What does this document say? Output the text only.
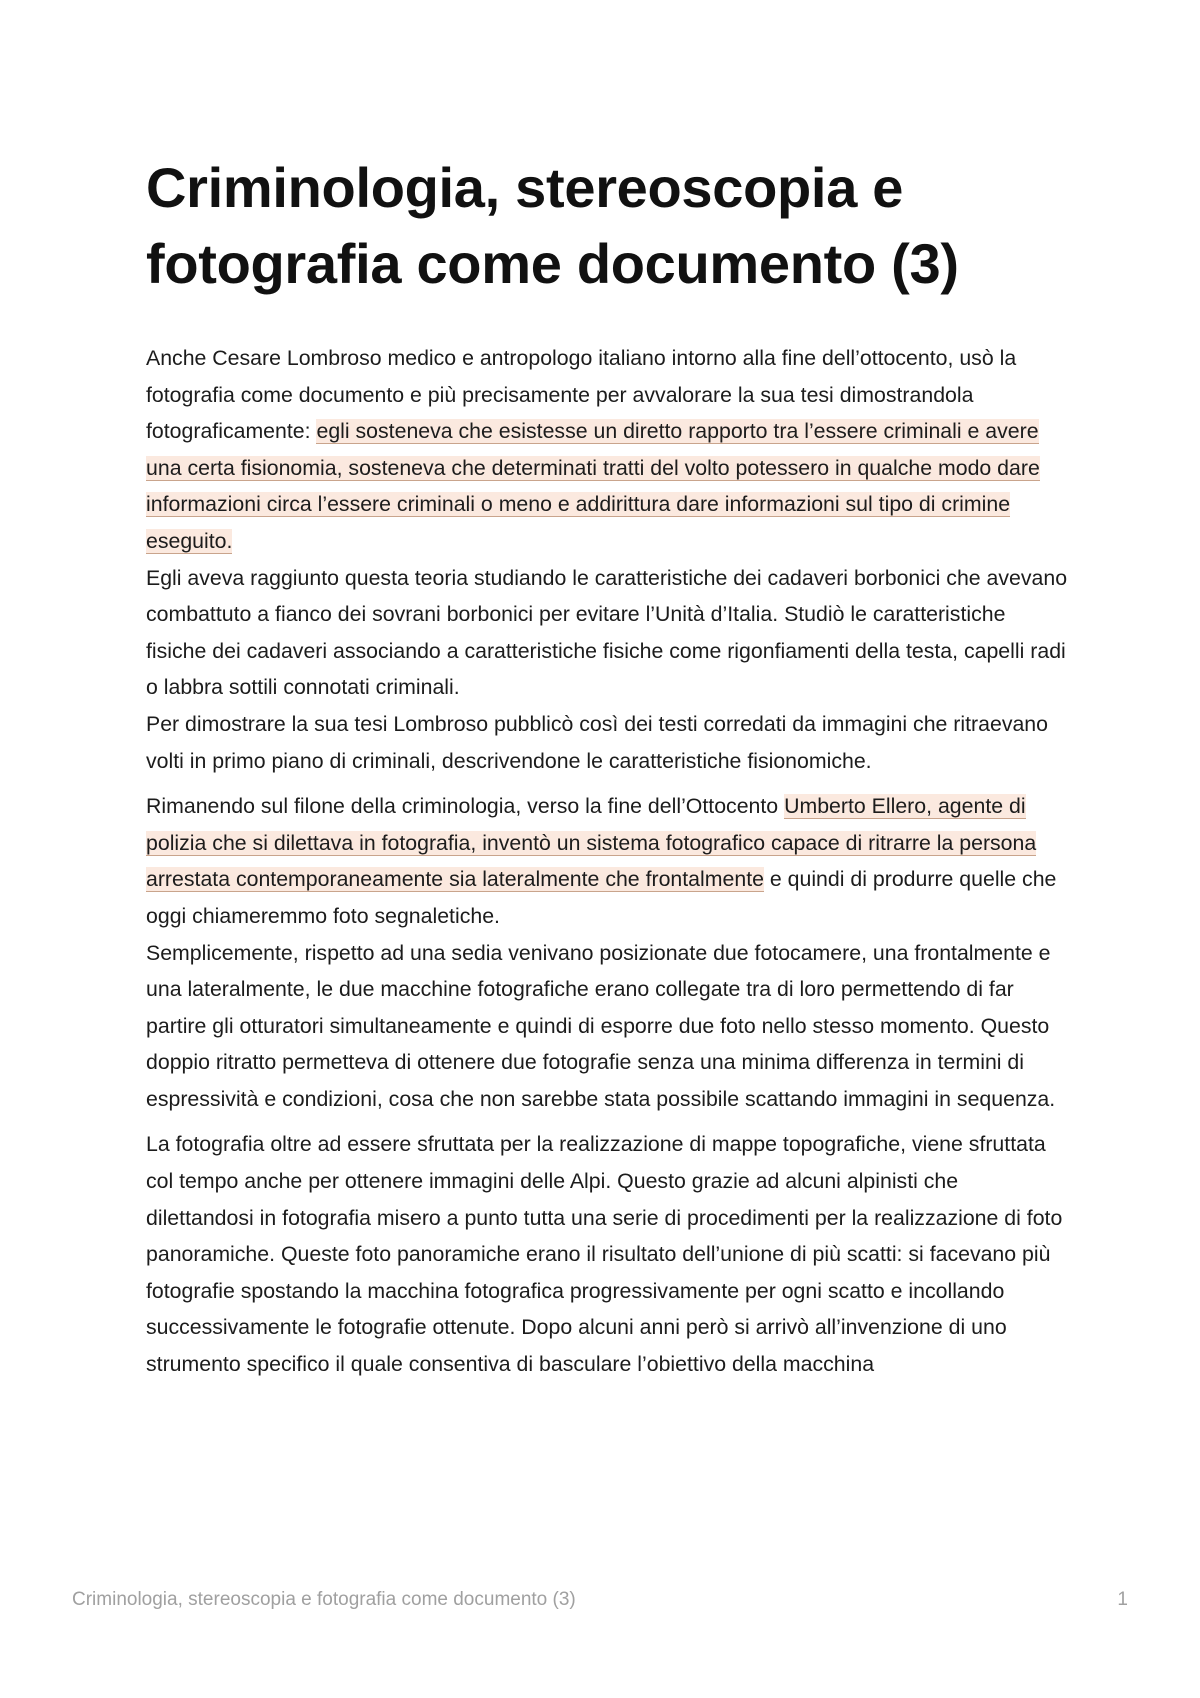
Criminologia, stereoscopia e fotografia come documento (3)

Anche Cesare Lombroso medico e antropologo italiano intorno alla fine dell’ottocento, usò la fotografia come documento e più precisamente per avvalorare la sua tesi dimostrandola fotograficamente: egli sosteneva che esistesse un diretto rapporto tra l’essere criminali e avere una certa fisionomia, sosteneva che determinati tratti del volto potessero in qualche modo dare informazioni circa l’essere criminali o meno e addirittura dare informazioni sul tipo di crimine eseguito.

Egli aveva raggiunto questa teoria studiando le caratteristiche dei cadaveri borbonici che avevano combattuto a fianco dei sovrani borbonici per evitare l’Unità d’Italia. Studiò le caratteristiche fisiche dei cadaveri associando a caratteristiche fisiche come rigonfiamenti della testa, capelli radi o labbra sottili connotati criminali.

Per dimostrare la sua tesi Lombroso pubblicò così dei testi corredati da immagini che ritraevano volti in primo piano di criminali, descrivendone le caratteristiche fisionomiche.

Rimanendo sul filone della criminologia, verso la fine dell’Ottocento Umberto Ellero, agente di polizia che si dilettava in fotografia, inventò un sistema fotografico capace di ritrarre la persona arrestata contemporaneamente sia lateralmente che frontalmente e quindi di produrre quelle che oggi chiameremmo foto segnaletiche.

Semplicemente, rispetto ad una sedia venivano posizionate due fotocamere, una frontalmente e una lateralmente, le due macchine fotografiche erano collegate tra di loro permettendo di far partire gli otturatori simultaneamente e quindi di esporre due foto nello stesso momento. Questo doppio ritratto permetteva di ottenere due fotografie senza una minima differenza in termini di espressività e condizioni, cosa che non sarebbe stata possibile scattando immagini in sequenza.

La fotografia oltre ad essere sfruttata per la realizzazione di mappe topografiche, viene sfruttata col tempo anche per ottenere immagini delle Alpi. Questo grazie ad alcuni alpinisti che dilettandosi in fotografia misero a punto tutta una serie di procedimenti per la realizzazione di foto panoramiche. Queste foto panoramiche erano il risultato dell’unione di più scatti: si facevano più fotografie spostando la macchina fotografica progressivamente per ogni scatto e incollando successivamente le fotografie ottenute. Dopo alcuni anni però si arrivò all’invenzione di uno strumento specifico il quale consentiva di basculare l’obiettivo della macchina

Criminologia, stereoscopia e fotografia come documento (3)	1
